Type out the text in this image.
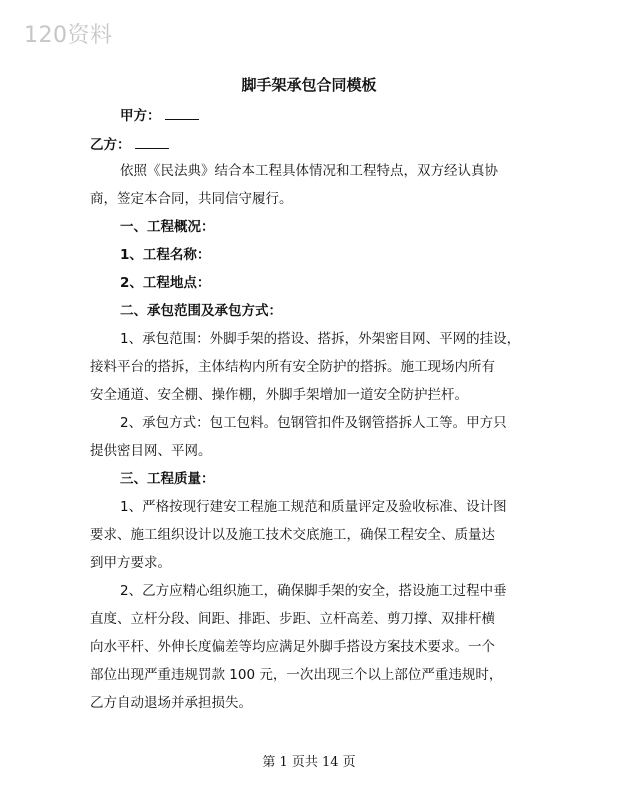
120资料
脚手架承包合同模板
甲方：
乙方：
依照《民法典》结合本工程具体情况和工程特点，双方经认真协
商，签定本合同，共同信守履行。
一、工程概况：
1、工程名称：
2、工程地点：
二、承包范围及承包方式：
1、承包范围：外脚手架的搭设、搭拆，外架密目网、平网的挂设，
接料平台的搭拆，主体结构内所有安全防护的搭拆。施工现场内所有
安全通道、安全棚、操作棚，外脚手架增加一道安全防护拦杆。
2、承包方式：包工包料。包钢管扣件及钢管搭拆人工等。甲方只
提供密目网、平网。
三、工程质量：
1、严格按现行建安工程施工规范和质量评定及验收标准、设计图
要求、施工组织设计以及施工技术交底施工，确保工程安全、质量达
到甲方要求。
2、乙方应精心组织施工，确保脚手架的安全，搭设施工过程中垂
直度、立杆分段、间距、排距、步距、立杆高差、剪刀撑、双排杆横
向水平杆、外伸长度偏差等均应满足外脚手搭设方案技术要求。一个
部位出现严重违规罚款 100 元，一次出现三个以上部位严重违规时，
乙方自动退场并承担损失。
第 1 页共 14 页
